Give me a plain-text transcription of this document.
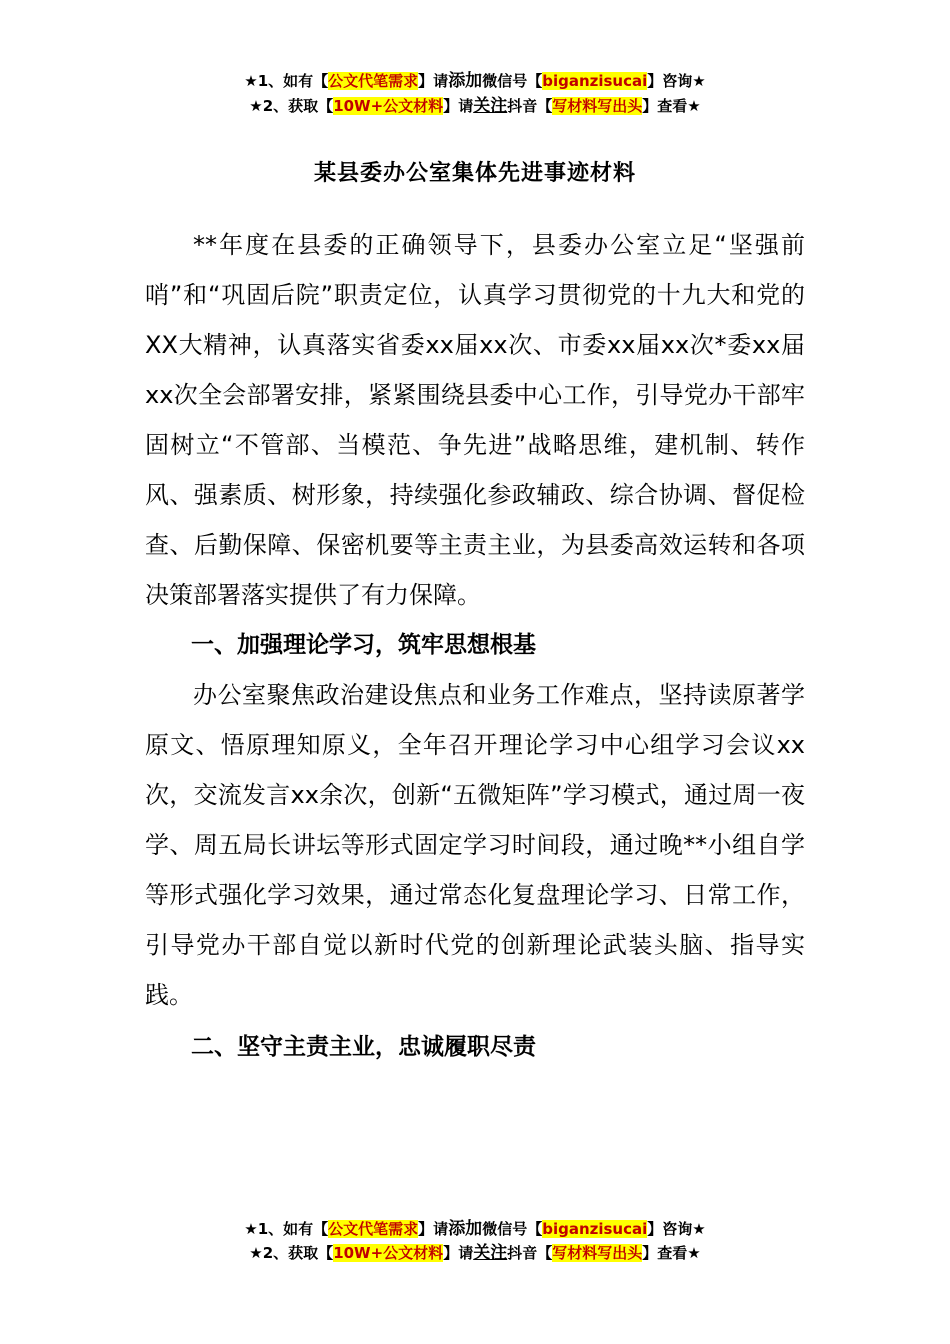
★1、如有【公文代笔需求】请添加微信号【biganzisucai】咨询★
★2、获取【10W+公文材料】请关注抖音【写材料写出头】查看★
某县委办公室集体先进事迹材料

**年度在县委的正确领导下，县委办公室立足“坚强前哨”和“巩固后院”职责定位，认真学习贯彻党的十九大和党的XX大精神，认真落实省委xx届xx次、市委xx届xx次*委xx届xx次全会部署安排，紧紧围绕县委中心工作，引导党办干部牢固树立“不管部、当模范、争先进”战略思维，建机制、转作风、强素质、树形象，持续强化参政辅政、综合协调、督促检查、后勤保障、保密机要等主责主业，为县委高效运转和各项决策部署落实提供了有力保障。

一、加强理论学习，筑牢思想根基

办公室聚焦政治建设焦点和业务工作难点，坚持读原著学原文、悟原理知原义，全年召开理论学习中心组学习会议xx次，交流发言xx余次，创新“五微矩阵”学习模式，通过周一夜学、周五局长讲坛等形式固定学习时间段，通过晚**小组自学等形式强化学习效果，通过常态化复盘理论学习、日常工作，引导党办干部自觉以新时代党的创新理论武装头脑、指导实践。

二、坚守主责主业，忠诚履职尽责
★1、如有【公文代笔需求】请添加微信号【biganzisucai】咨询★
★2、获取【10W+公文材料】请关注抖音【写材料写出头】查看★
